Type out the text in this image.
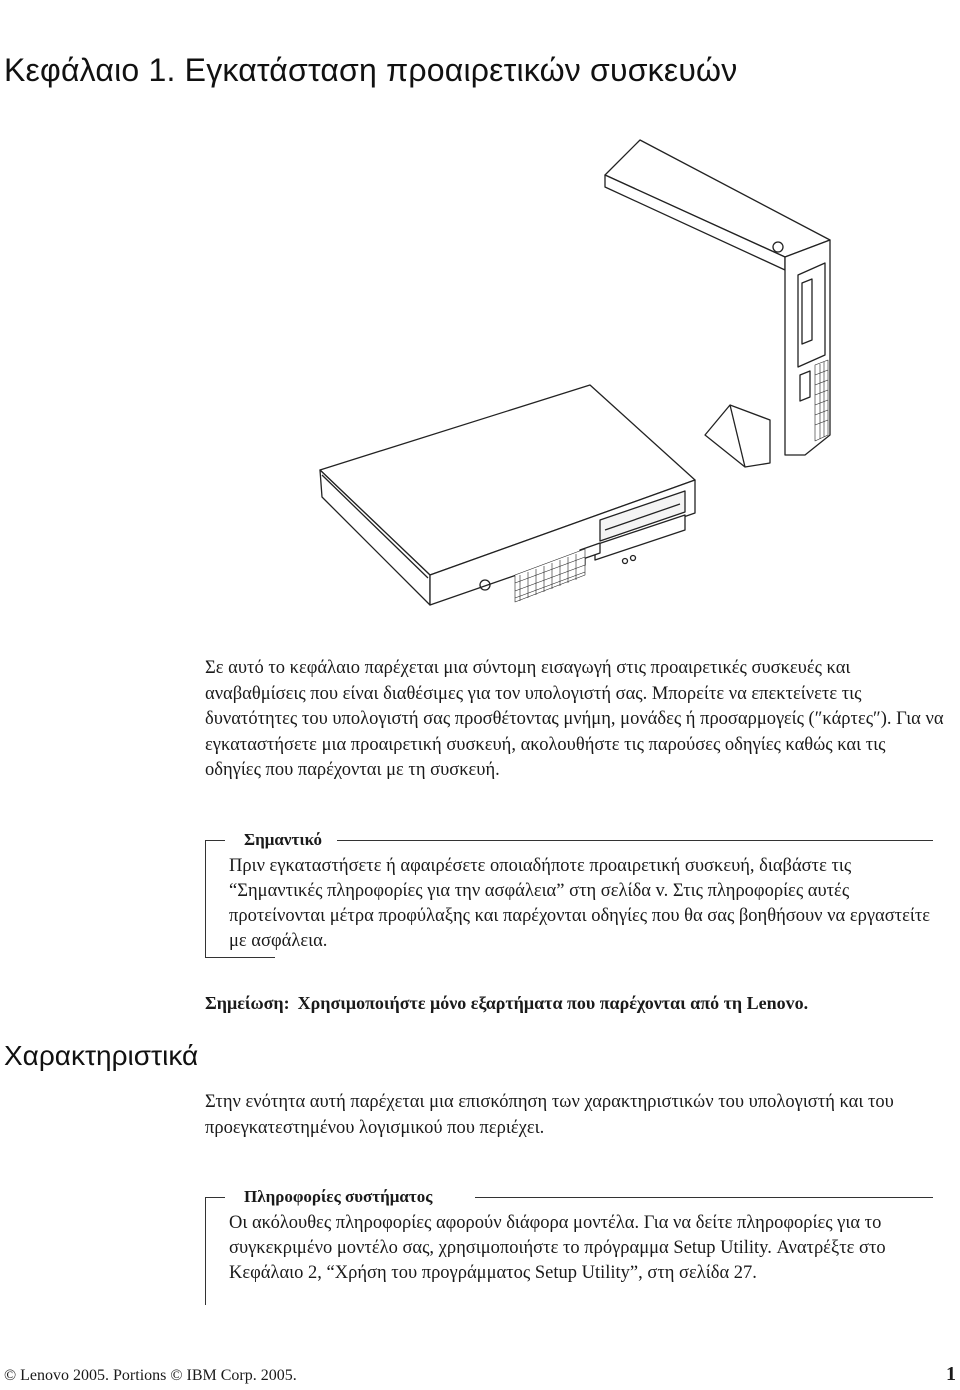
Κεφάλαιο 1. Εγκατάσταση προαιρετικών συσκευών

Σε αυτό το κεφάλαιο παρέχεται μια σύντομη εισαγωγή στις προαιρετικές συσκευές και αναβαθμίσεις που είναι διαθέσιμες για τον υπολογιστή σας. Μπορείτε να επεκτείνετε τις δυνατότητες του υπολογιστή σας προσθέτοντας μνήμη, μονάδες ή προσαρμογείς (″κάρτες″). Για να εγκαταστήσετε μια προαιρετική συσκευή, ακολουθήστε τις παρούσες οδηγίες καθώς και τις οδηγίες που παρέχονται με τη συσκευή.

Σημαντικό

Πριν εγκαταστήσετε ή αφαιρέσετε οποιαδήποτε προαιρετική συσκευή, διαβάστε τις “Σημαντικές πληροφορίες για την ασφάλεια” στη σελίδα v. Στις πληροφορίες αυτές προτείνονται μέτρα προφύλαξης και παρέχονται οδηγίες που θα σας βοηθήσουν να εργαστείτε με ασφάλεια.

Σημείωση: Χρησιμοποιήστε μόνο εξαρτήματα που παρέχονται από τη Lenovo.

Χαρακτηριστικά

Στην ενότητα αυτή παρέχεται μια επισκόπηση των χαρακτηριστικών του υπολογιστή και του προεγκατεστημένου λογισμικού που περιέχει.

Πληροφορίες συστήματος

Οι ακόλουθες πληροφορίες αφορούν διάφορα μοντέλα. Για να δείτε πληροφορίες για το συγκεκριμένο μοντέλο σας, χρησιμοποιήστε το πρόγραμμα Setup Utility. Ανατρέξτε στο Κεφάλαιο 2, “Χρήση του προγράμματος Setup Utility”, στη σελίδα 27.

© Lenovo 2005. Portions © IBM Corp. 2005.	1
